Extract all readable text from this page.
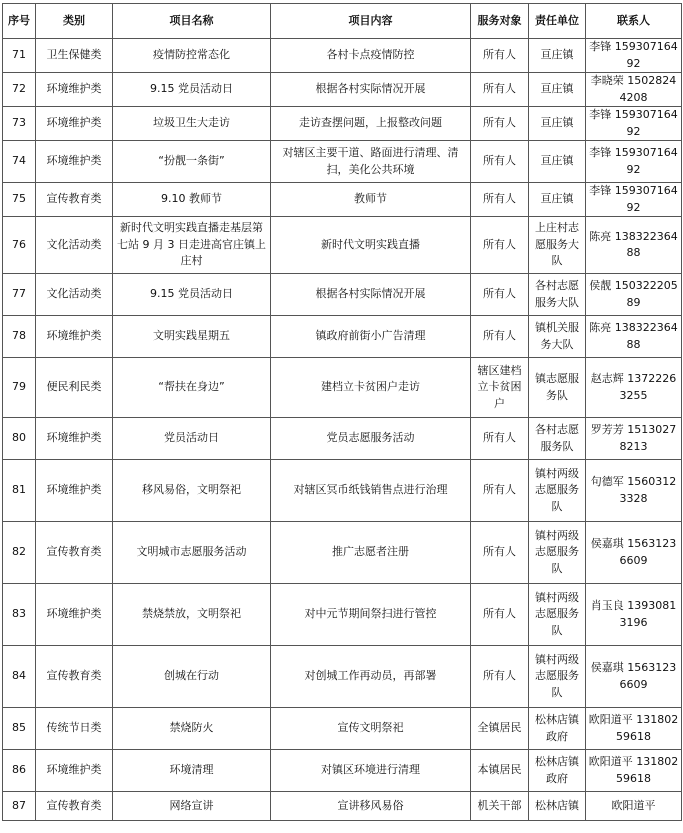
序号	类别	项目名称	项目内容	服务对象	责任单位	联系人
71	卫生保健类	疫情防控常态化	各村卡点疫情防控	所有人	亘庄镇	李锋 15930716492
72	环境维护类	9.15 党员活动日	根据各村实际情况开展	所有人	亘庄镇	李晓荣 15028244208
73	环境维护类	垃圾卫生大走访	走访查摆问题，上报整改问题	所有人	亘庄镇	李锋 15930716492
74	环境维护类	“扮靓一条街”	对辖区主要干道、路面进行清理、清扫，美化公共环境	所有人	亘庄镇	李锋 15930716492
75	宣传教育类	9.10 教师节	教师节	所有人	亘庄镇	李锋 15930716492
76	文化活动类	新时代文明实践直播走基层第七站 9 月 3 日走进高官庄镇上庄村	新时代文明实践直播	所有人	上庄村志愿服务大队	陈亮 13832236488
77	文化活动类	9.15 党员活动日	根据各村实际情况开展	所有人	各村志愿服务大队	侯靓 15032220589
78	环境维护类	文明实践星期五	镇政府前街小广告清理	所有人	镇机关服务大队	陈亮 13832236488
79	便民利民类	“帮扶在身边”	建档立卡贫困户走访	辖区建档立卡贫困户	镇志愿服务队	赵志辉 13722263255
80	环境维护类	党员活动日	党员志愿服务活动	所有人	各村志愿服务队	罗芳芳 15130278213
81	环境维护类	移风易俗，文明祭祀	对辖区冥币纸钱销售点进行治理	所有人	镇村两级志愿服务队	句德军 15603123328
82	宣传教育类	文明城市志愿服务活动	推广志愿者注册	所有人	镇村两级志愿服务队	侯嘉琪 15631236609
83	环境维护类	禁烧禁放，文明祭祀	对中元节期间祭扫进行管控	所有人	镇村两级志愿服务队	肖玉良 13930813196
84	宣传教育类	创城在行动	对创城工作再动员，再部署	所有人	镇村两级志愿服务队	侯嘉琪 15631236609
85	传统节日类	禁烧防火	宣传文明祭祀	全镇居民	松林店镇政府	欧阳道平 13180259618
86	环境维护类	环境清理	对镇区环境进行清理	本镇居民	松林店镇政府	欧阳道平 13180259618
87	宣传教育类	网络宣讲	宣讲移风易俗	机关干部	松林店镇	欧阳道平
